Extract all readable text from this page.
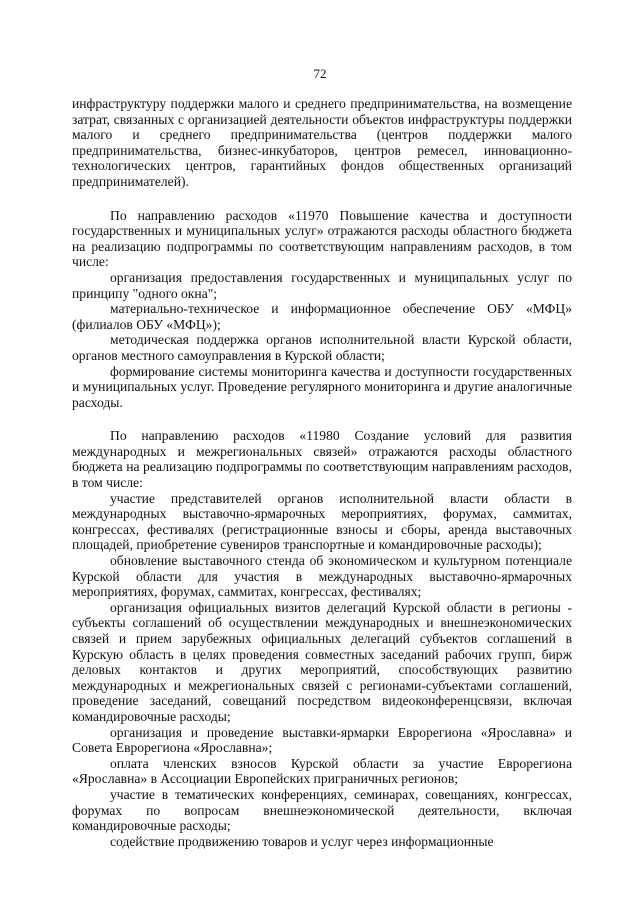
72

инфраструктуру поддержки малого и среднего предпринимательства, на возмещение затрат, связанных с организацией деятельности объектов инфраструктуры поддержки малого и среднего предпринимательства (центров поддержки малого предпринимательства, бизнес-инкубаторов, центров ремесел, инновационно-технологических центров, гарантийных фондов общественных организаций предпринимателей).

По направлению расходов «11970 Повышение качества и доступности государственных и муниципальных услуг» отражаются расходы областного бюджета на реализацию подпрограммы по соответствующим направлениям расходов, в том числе:

организация предоставления государственных и муниципальных услуг по принципу "одного окна";

материально-техническое и информационное обеспечение ОБУ «МФЦ» (филиалов ОБУ «МФЦ»);

методическая поддержка органов исполнительной власти Курской области, органов местного самоуправления в Курской области;

формирование системы мониторинга качества и доступности государственных и муниципальных услуг. Проведение регулярного мониторинга и другие аналогичные расходы.

По направлению расходов «11980 Создание условий для развития международных и межрегиональных связей» отражаются расходы областного бюджета на реализацию подпрограммы по соответствующим направлениям расходов, в том числе:

участие представителей органов исполнительной власти области в международных выставочно-ярмарочных мероприятиях, форумах, саммитах, конгрессах, фестивалях (регистрационные взносы и сборы, аренда выставочных площадей, приобретение сувениров транспортные и командировочные расходы);

обновление выставочного стенда об экономическом и культурном потенциале Курской области для участия в международных выставочно-ярмарочных мероприятиях, форумах, саммитах, конгрессах, фестивалях;

организация официальных визитов делегаций Курской области в регионы - субъекты соглашений об осуществлении международных и внешнеэкономических связей и прием зарубежных официальных делегаций субъектов соглашений в Курскую область в целях проведения совместных заседаний рабочих групп, бирж деловых контактов и других мероприятий, способствующих развитию международных и межрегиональных связей с регионами-субъектами соглашений, проведение заседаний, совещаний посредством видеоконференцсвязи, включая командировочные расходы;

организация и проведение выставки-ярмарки Еврорегиона «Ярославна» и Совета Еврорегиона «Ярославна»;

оплата членских взносов Курской области за участие Еврорегиона «Ярославна» в Ассоциации Европейских приграничных регионов;

участие в тематических конференциях, семинарах, совещаниях, конгрессах, форумах по вопросам внешнеэкономической деятельности, включая командировочные расходы;

содействие продвижению товаров и услуг через информационные
